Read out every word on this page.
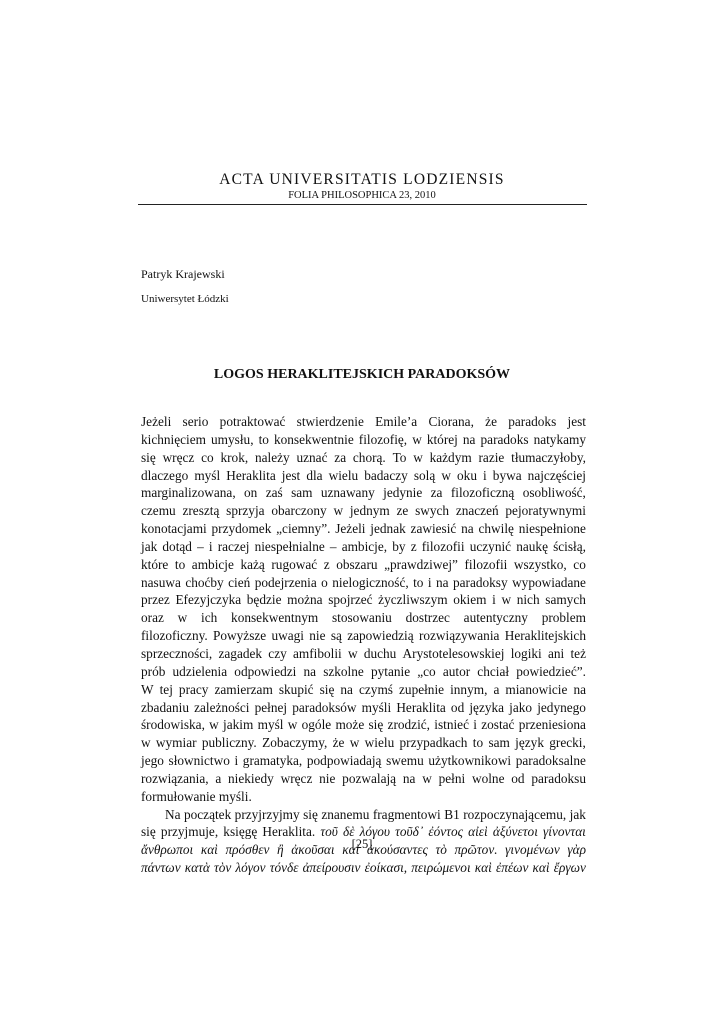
ACTA UNIVERSITATIS LODZIENSIS
FOLIA PHILOSOPHICA 23, 2010
Patryk Krajewski
Uniwersytet Łódzki
LOGOS HERAKLITEJSKICH PARADOKSÓW
Jeżeli serio potraktować stwierdzenie Emile’a Ciorana, że paradoks jest
kichnięciem umysłu, to konsekwentnie filozofię, w której na paradoks natykamy
się wręcz co krok, należy uznać za chorą. To w każdym razie tłumaczyłoby,
dlaczego myśl Heraklita jest dla wielu badaczy solą w oku i bywa najczęściej
marginalizowana, on zaś sam uznawany jedynie za filozoficzną osobliwość,
czemu zresztą sprzyja obarczony w jednym ze swych znaczeń pejoratywnymi
konotacjami przydomek „ciemny”. Jeżeli jednak zawiesić na chwilę niespełnione
jak dotąd – i raczej niespełnialne – ambicje, by z filozofii uczynić naukę ścisłą,
które to ambicje każą rugować z obszaru „prawdziwej” filozofii wszystko, co
nasuwa choćby cień podejrzenia o nielogiczność, to i na paradoksy wypowiadane
przez Efezyjczyka będzie można spojrzeć życzliwszym okiem i w nich samych
oraz w ich konsekwentnym stosowaniu dostrzec autentyczny problem
filozoficzny. Powyższe uwagi nie są zapowiedzią rozwiązywania Heraklitejskich
sprzeczności, zagadek czy amfibolii w duchu Arystotelesowskiej logiki ani też
prób udzielenia odpowiedzi na szkolne pytanie „co autor chciał powiedzieć”.
W tej pracy zamierzam skupić się na czymś zupełnie innym, a mianowicie na
zbadaniu zależności pełnej paradoksów myśli Heraklita od języka jako jedynego
środowiska, w jakim myśl w ogóle może się zrodzić, istnieć i zostać przeniesiona
w wymiar publiczny. Zobaczymy, że w wielu przypadkach to sam język grecki,
jego słownictwo i gramatyka, podpowiadają swemu użytkownikowi paradoksalne
rozwiązania, a niekiedy wręcz nie pozwalają na w pełni wolne od paradoksu
formułowanie myśli.
Na początek przyjrzyjmy się znanemu fragmentowi B1 rozpoczynającemu, jak
się przyjmuje, księgę Heraklita. τοῦ δὲ λόγου τοῦδ᾽ ἐόντος αἰεὶ ἀξύνετοι γίνονται
ἄνθρωποι καὶ πρόσθεν ἢ ἀκοῦσαι καὶ ἀκούσαντες τὸ πρῶτον. γινομένων γὰρ
πάντων κατὰ τὸν λόγον τόνδε ἀπείρουσιν ἐοίκασι, πειρώμενοι καὶ ἐπέων καὶ ἔργων
[25]
